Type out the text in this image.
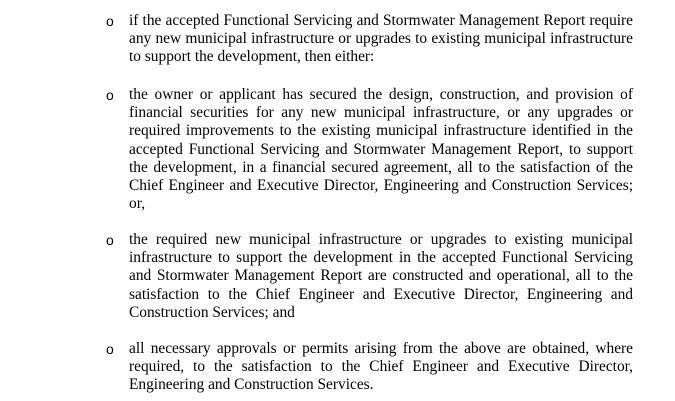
o if the accepted Functional Servicing and Stormwater Management Report require any new municipal infrastructure or upgrades to existing municipal infrastructure to support the development, then either:

o the owner or applicant has secured the design, construction, and provision of financial securities for any new municipal infrastructure, or any upgrades or required improvements to the existing municipal infrastructure identified in the accepted Functional Servicing and Stormwater Management Report, to support the development, in a financial secured agreement, all to the satisfaction of the Chief Engineer and Executive Director, Engineering and Construction Services; or,

o the required new municipal infrastructure or upgrades to existing municipal infrastructure to support the development in the accepted Functional Servicing and Stormwater Management Report are constructed and operational, all to the satisfaction to the Chief Engineer and Executive Director, Engineering and Construction Services; and

o all necessary approvals or permits arising from the above are obtained, where required, to the satisfaction to the Chief Engineer and Executive Director, Engineering and Construction Services.
